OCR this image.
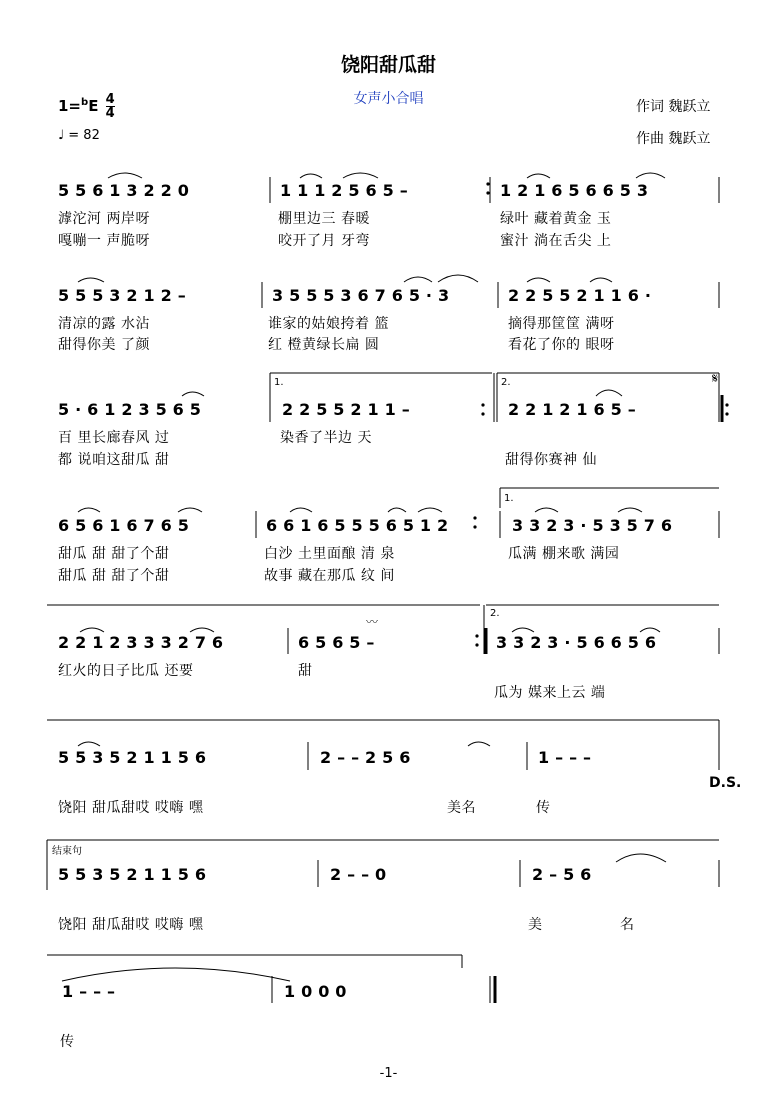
饶阳甜瓜甜
女声小合唱
$1=^bE \frac{4}{4}$
♩ = 82
作词 魏跃立
作曲 魏跃立
1.	2.	𝄋
1.
2.
D.S.
结束句
5 5 6 1 3 2 2 0	1 1 1 2 5 6 5 –	1 2 1 6 5 6 6 5 3
滹沱河 两岸呀	棚里边三 春暖	绿叶 藏着黄金 玉
嘎嘣一 声脆呀	咬开了月 牙弯	蜜汁 淌在舌尖 上
5 5 5 3 2 1 2 –	3 5 5 5 3 6 7 6 5 · 3	2 2 5 5 2 1 1 6 ·
清凉的露 水沾	谁家的姑娘挎着 篮	摘得那筐筐 满呀
甜得你美 了颜	红 橙黄绿长扁 圆	看花了你的 眼呀
5 · 6 1 2 3 5 6 5	2 2 5 5 2 1 1 –	2 2 1 2 1 6 5 –
百 里长廊春风 过	染香了半边 天
都 说咱这甜瓜 甜	甜得你赛神 仙
6 5 6 1 6 7 6 5	6 6 1 6 5 5 5 6 5 1 2	3 3 2 3 · 5 3 5 7 6
甜瓜 甜 甜了个甜	白沙 土里面酿 清 泉	瓜满 棚来歌 满园
甜瓜 甜 甜了个甜	故事 藏在那瓜 纹 间
2 2 1 2 3 3 3 2 7 6	6 5 6 5 –	3 3 2 3 · 5 6 6 5 6
〰
红火的日子比瓜 还要	甜
瓜为 媒来上云 端
5 5 3 5 2 1 1 5 6	2 – – 2 5 6	1 – – –
饶阳 甜瓜甜哎 哎嗨 嘿	美名	传
5 5 3 5 2 1 1 5 6	2 – – 0	2 – 5 6
饶阳 甜瓜甜哎 哎嗨 嘿	美	名
1 – – –	1 0 0 0
传
-1-
